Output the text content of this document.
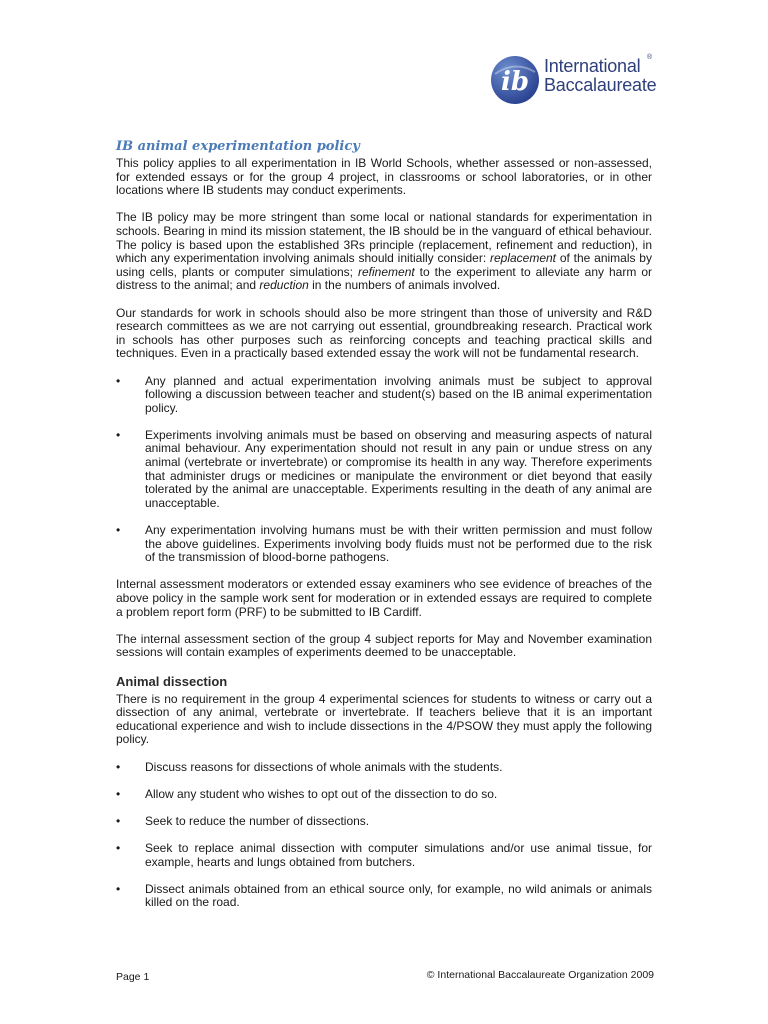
ib
International
Baccalaureate
®
IB animal experimentation policy

This policy applies to all experimentation in IB World Schools, whether assessed or non-assessed, for extended essays or for the group 4 project, in classrooms or school laboratories, or in other locations where IB students may conduct experiments.

The IB policy may be more stringent than some local or national standards for experimentation in schools. Bearing in mind its mission statement, the IB should be in the vanguard of ethical behaviour. The policy is based upon the established 3Rs principle (replacement, refinement and reduction), in which any experimentation involving animals should initially consider: replacement of the animals by using cells, plants or computer simulations; refinement to the experiment to alleviate any harm or distress to the animal; and reduction in the numbers of animals involved.

Our standards for work in schools should also be more stringent than those of university and R&D research committees as we are not carrying out essential, groundbreaking research. Practical work in schools has other purposes such as reinforcing concepts and teaching practical skills and techniques. Even in a practically based extended essay the work will not be fundamental research.

• Any planned and actual experimentation involving animals must be subject to approval following a discussion between teacher and student(s) based on the IB animal experimentation policy.

• Experiments involving animals must be based on observing and measuring aspects of natural animal behaviour. Any experimentation should not result in any pain or undue stress on any animal (vertebrate or invertebrate) or compromise its health in any way. Therefore experiments that administer drugs or medicines or manipulate the environment or diet beyond that easily tolerated by the animal are unacceptable. Experiments resulting in the death of any animal are unacceptable.

• Any experimentation involving humans must be with their written permission and must follow the above guidelines. Experiments involving body fluids must not be performed due to the risk of the transmission of blood-borne pathogens.

Internal assessment moderators or extended essay examiners who see evidence of breaches of the above policy in the sample work sent for moderation or in extended essays are required to complete a problem report form (PRF) to be submitted to IB Cardiff.

The internal assessment section of the group 4 subject reports for May and November examination sessions will contain examples of experiments deemed to be unacceptable.

Animal dissection

There is no requirement in the group 4 experimental sciences for students to witness or carry out a dissection of any animal, vertebrate or invertebrate. If teachers believe that it is an important educational experience and wish to include dissections in the 4/PSOW they must apply the following policy.

• Discuss reasons for dissections of whole animals with the students.

• Allow any student who wishes to opt out of the dissection to do so.

• Seek to reduce the number of dissections.

• Seek to replace animal dissection with computer simulations and/or use animal tissue, for example, hearts and lungs obtained from butchers.

• Dissect animals obtained from an ethical source only, for example, no wild animals or animals killed on the road.

Page 1	© International Baccalaureate Organization 2009
